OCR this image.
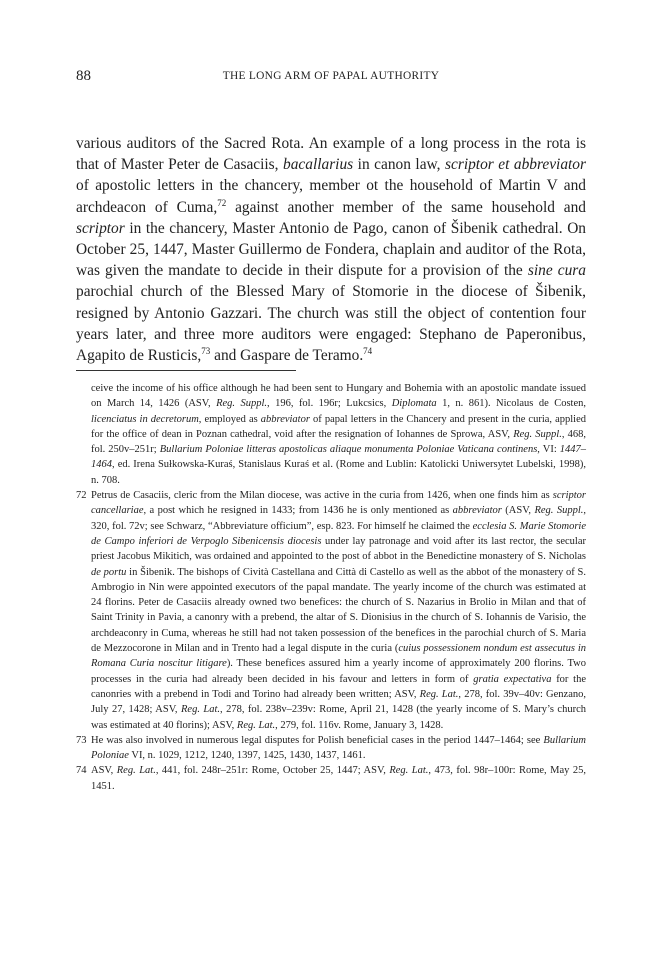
88	THE LONG ARM OF PAPAL AUTHORITY

various auditors of the Sacred Rota. An example of a long process in the rota is that of Master Peter de Casaciis, bacallarius in canon law, scriptor et abbreviator of apostolic letters in the chancery, member ot the household of Martin V and archdeacon of Cuma,$^{72}$ against another member of the same household and scriptor in the chancery, Master Antonio de Pago, canon of Šibenik cathedral. On October 25, 1447, Master Guillermo de Fondera, chaplain and auditor of the Rota, was given the mandate to decide in their dispute for a provision of the sine cura parochial church of the Blessed Mary of Stomorie in the diocese of Šibenik, resigned by Antonio Gazzari. The church was still the object of contention four years later, and three more auditors were engaged: Stephano de Paperonibus, Agapito de Rusticis,$^{73}$ and Gaspare de Teramo.$^{74}$

ceive the income of his office although he had been sent to Hungary and Bohemia with an apostolic mandate issued on March 14, 1426 (ASV, Reg. Suppl., 196, fol. 196r; Lukcsics, Diplomata 1, n. 861). Nicolaus de Costen, licenciatus in decretorum, employed as abbreviator of papal letters in the Chancery and present in the curia, applied for the office of dean in Poznan cathedral, void after the resignation of Iohannes de Sprowa, ASV, Reg. Suppl., 468, fol. 250v–251r; Bullarium Poloniae litteras apostolicas aliaque monumenta Poloniae Vaticana continens, VI: 1447–1464, ed. Irena Sułkowska-Kuraś, Stanislaus Kuraś et al. (Rome and Lublin: Katolicki Uniwersytet Lubelski, 1998), n. 708.

72 Petrus de Casaciis, cleric from the Milan diocese, was active in the curia from 1426, when one finds him as scriptor cancellariae, a post which he resigned in 1433; from 1436 he is only mentioned as abbreviator (ASV, Reg. Suppl., 320, fol. 72v; see Schwarz, “Abbreviature officium”, esp. 823. For himself he claimed the ecclesia S. Marie Stomorie de Campo inferiori de Verpoglo Sibenicensis diocesis under lay patronage and void after its last rector, the secular priest Jacobus Mikitich, was ordained and appointed to the post of abbot in the Benedictine monastery of S. Nicholas de portu in Šibenik. The bishops of Cività Castellana and Città di Castello as well as the abbot of the monastery of S. Ambrogio in Nin were appointed executors of the papal mandate. The yearly income of the church was estimated at 24 florins. Peter de Casaciis already owned two benefices: the church of S. Nazarius in Brolio in Milan and that of Saint Trinity in Pavia, a canonry with a prebend, the altar of S. Dionisius in the church of S. Iohannis de Varisio, the archdeaconry in Cuma, whereas he still had not taken possession of the benefices in the parochial church of S. Maria de Mezzocorone in Milan and in Trento had a legal dispute in the curia (cuius possessionem nondum est assecutus in Romana Curia noscitur litigare). These benefices assured him a yearly income of approximately 200 florins. Two processes in the curia had already been decided in his favour and letters in form of gratia expectativa for the canonries with a prebend in Todi and Torino had already been written; ASV, Reg. Lat., 278, fol. 39v–40v: Genzano, July 27, 1428; ASV, Reg. Lat., 278, fol. 238v–239v: Rome, April 21, 1428 (the yearly income of S. Mary’s church was estimated at 40 florins); ASV, Reg. Lat., 279, fol. 116v. Rome, January 3, 1428.

73 He was also involved in numerous legal disputes for Polish beneficial cases in the period 1447–1464; see Bullarium Poloniae VI, n. 1029, 1212, 1240, 1397, 1425, 1430, 1437, 1461.

74 ASV, Reg. Lat., 441, fol. 248r–251r: Rome, October 25, 1447; ASV, Reg. Lat., 473, fol. 98r–100r: Rome, May 25, 1451.
